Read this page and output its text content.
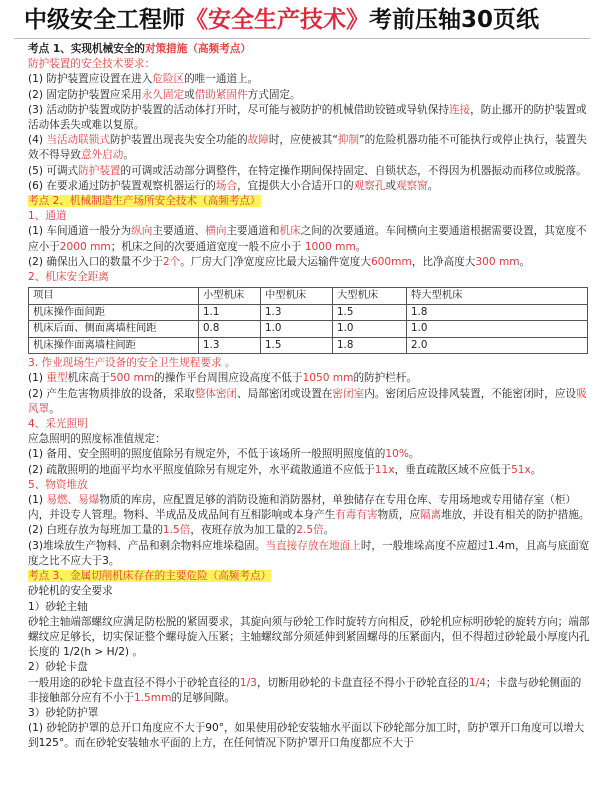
中级安全工程师《安全生产技术》考前压轴30页纸

考点 1、实现机械安全的对策措施（高频考点）

防护装置的安全技术要求：

(1) 防护装置应设置在进入危险区的唯一通道上。

(2) 固定防护装置应采用永久固定或借助紧固件方式固定。

(3) 活动防护装置或防护装置的活动体打开时，尽可能与被防护的机械借助铰链或导轨保持连接，防止挪开的防护装置或活动体丢失或难以复原。

(4) 当活动联锁式防护装置出现丧失安全功能的故障时，应使被其“抑制”的危险机器功能不可能执行或停止执行，装置失效不得导致意外启动。

(5) 可调式防护装置的可调或活动部分调整件，在特定操作期间保持固定、自锁状态，不得因为机器振动而移位或脱落。

(6) 在要求通过防护装置观察机器运行的场合，宜提供大小合适开口的观察孔或观察窗。

考点 2、机械制造生产场所安全技术（高频考点）

1、通道

(1) 车间通道一般分为纵向主要通道、横向主要通道和机床之间的次要通道。车间横向主要通道根据需要设置，其宽度不应小于2000 mm；机床之间的次要通道宽度一般不应小于 1000 mm。

(2) 确保出入口的数量不少于2个。厂房大门净宽度应比最大运输件宽度大600mm，比净高度大300 mm。

2、机床安全距离

项目	小型机床	中型机床	大型机床	特大型机床
机床操作面间距	1.1	1.3	1.5	1.8
机床后面、侧面离墙柱间距	0.8	1.0	1.0	1.0
机床操作面离墙柱间距	1.3	1.5	1.8	2.0

3. 作业现场生产设备的安全卫生规程要求 。

(1) 重型机床高于500 mm的操作平台周围应设高度不低于1050 mm的防护栏杆。

(2) 产生危害物质排放的设备，采取整体密闭、局部密闭或设置在密闭室内。密闭后应设排风装置，不能密闭时，应设吸风罩。

4、采光照明

应急照明的照度标准值规定：

(1) 备用、安全照明的照度值除另有规定外，不低于该场所一般照明照度值的10%。

(2) 疏散照明的地面平均水平照度值除另有规定外，水平疏散通道不应低于11x，垂直疏散区域不应低于51x。

5、物资堆放

(1) 易燃、易爆物质的库房，应配置足够的消防设施和消防器材，单独储存在专用仓库、专用场地或专用储存室（柜）内，并设专人管理。物料、半成品及成品间有互相影响或本身产生有毒有害物质，应隔离堆放，并设有相关的防护措施。

(2) 白班存放为每班加工量的1.5倍，夜班存放为加工量的2.5倍。

(3)堆垛放生产物料、产品和剩余物料应堆垛稳固。当直接存放在地面上时，一般堆垛高度不应超过1.4m，且高与底面宽度之比不应大于3。

考点 3、金属切削机床存在的主要危险（高频考点）

砂轮机的安全要求

1）砂轮主轴

砂轮主轴端部螺纹应满足防松脱的紧固要求，其旋向须与砂轮工作时旋转方向相反，砂轮机应标明砂轮的旋转方向；端部螺纹应足够长，切实保证整个螺母旋入压紧；主轴螺纹部分须延伸到紧固螺母的压紧面内，但不得超过砂轮最小厚度内孔长度的 1/2(h > H/2) 。

2）砂轮卡盘

一般用途的砂轮卡盘直径不得小于砂轮直径的1/3，切断用砂轮的卡盘直径不得小于砂轮直径的1/4；卡盘与砂轮侧面的非接触部分应有不小于1.5mm的足够间隙。

3）砂轮防护罩

(1) 砂轮防护罩的总开口角度应不大于90°，如果使用砂轮安装轴水平面以下砂轮部分加工时，防护罩开口角度可以增大到125°。而在砂轮安装轴水平面的上方，在任何情况下防护罩开口角度都应不大于
